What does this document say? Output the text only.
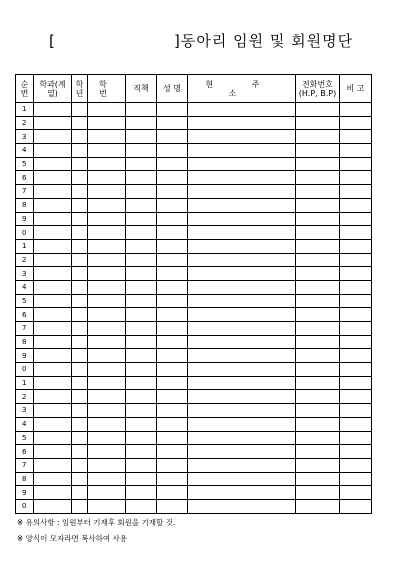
[	]동아리 임원 및 회원명단
순번	학과(계열)	학년	학 번	직책	성 명	현 주 소	전화번호 (H.P, B.P)	비 고
1								
2								
3								
4								
5								
6								
7								
8								
9								
0								
1								
2								
3								
4								
5								
6								
7								
8								
9								
0								
1								
2								
3								
4								
5								
6								
7								
8								
9								
0								
※ 유의사항 : 임원부터 기재후 회원을 기재할 것.
※ 양식이 모자라면 복사하여 사용
